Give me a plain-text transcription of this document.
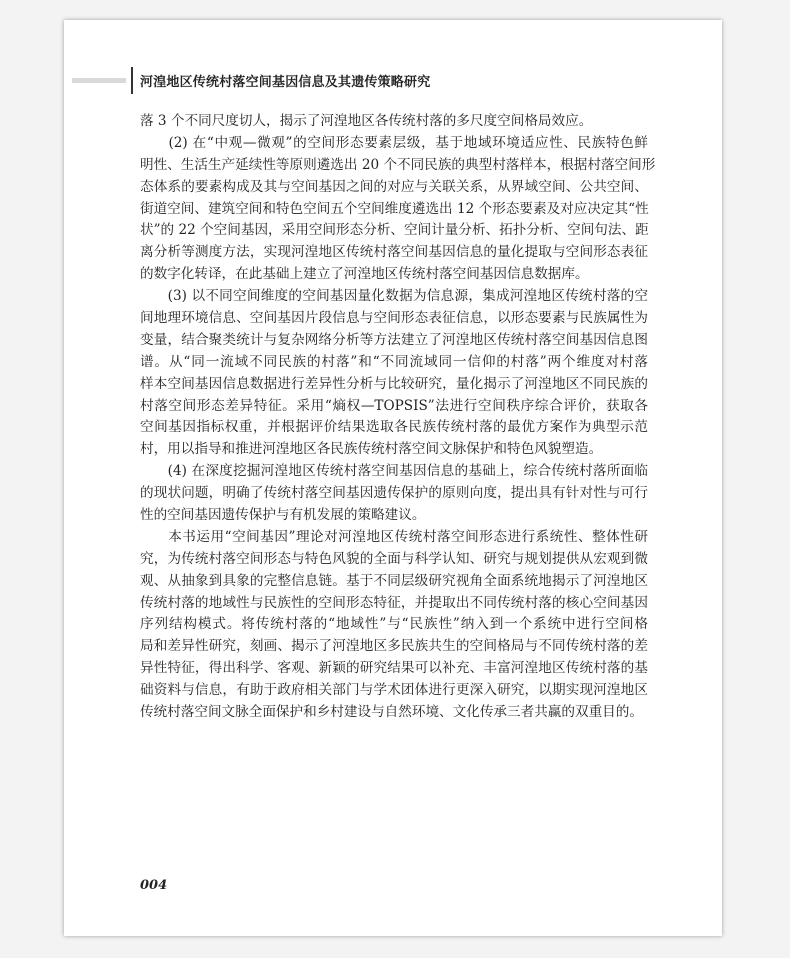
河湟地区传统村落空间基因信息及其遗传策略研究
落 3 个不同尺度切人，揭示了河湟地区各传统村落的多尺度空间格局效应。
　　(2) 在“中观—微观”的空间形态要素层级，基于地域环境适应性、民族特色鲜
明性、生活生产延续性等原则遴选出 20 个不同民族的典型村落样本，根据村落空间形
态体系的要素构成及其与空间基因之间的对应与关联关系，从界域空间、公共空间、
街道空间、建筑空间和特色空间五个空间维度遴选出 12 个形态要素及对应决定其“性
状”的 22 个空间基因，采用空间形态分析、空间计量分析、拓扑分析、空间句法、距
离分析等测度方法，实现河湟地区传统村落空间基因信息的量化提取与空间形态表征
的数字化转译，在此基础上建立了河湟地区传统村落空间基因信息数据库。
　　(3) 以不同空间维度的空间基因量化数据为信息源，集成河湟地区传统村落的空
间地理环境信息、空间基因片段信息与空间形态表征信息，以形态要素与民族属性为
变量，结合聚类统计与复杂网络分析等方法建立了河湟地区传统村落空间基因信息图
谱。从“同一流域不同民族的村落”和“不同流域同一信仰的村落”两个维度对村落
样本空间基因信息数据进行差异性分析与比较研究，量化揭示了河湟地区不同民族的
村落空间形态差异特征。采用“熵权—TOPSIS”法进行空间秩序综合评价，获取各
空间基因指标权重，并根据评价结果选取各民族传统村落的最优方案作为典型示范
村，用以指导和推进河湟地区各民族传统村落空间文脉保护和特色风貌塑造。
　　(4) 在深度挖掘河湟地区传统村落空间基因信息的基础上，综合传统村落所面临
的现状问题，明确了传统村落空间基因遗传保护的原则向度，提出具有针对性与可行
性的空间基因遗传保护与有机发展的策略建议。
　　本书运用“空间基因”理论对河湟地区传统村落空间形态进行系统性、整体性研
究，为传统村落空间形态与特色风貌的全面与科学认知、研究与规划提供从宏观到微
观、从抽象到具象的完整信息链。基于不同层级研究视角全面系统地揭示了河湟地区
传统村落的地域性与民族性的空间形态特征，并提取出不同传统村落的核心空间基因
序列结构模式。将传统村落的“地域性”与“民族性”纳入到一个系统中进行空间格
局和差异性研究，刻画、揭示了河湟地区多民族共生的空间格局与不同传统村落的差
异性特征，得出科学、客观、新颖的研究结果可以补充、丰富河湟地区传统村落的基
础资料与信息，有助于政府相关部门与学术团体进行更深入研究，以期实现河湟地区
传统村落空间文脉全面保护和乡村建设与自然环境、文化传承三者共赢的双重目的。
004
